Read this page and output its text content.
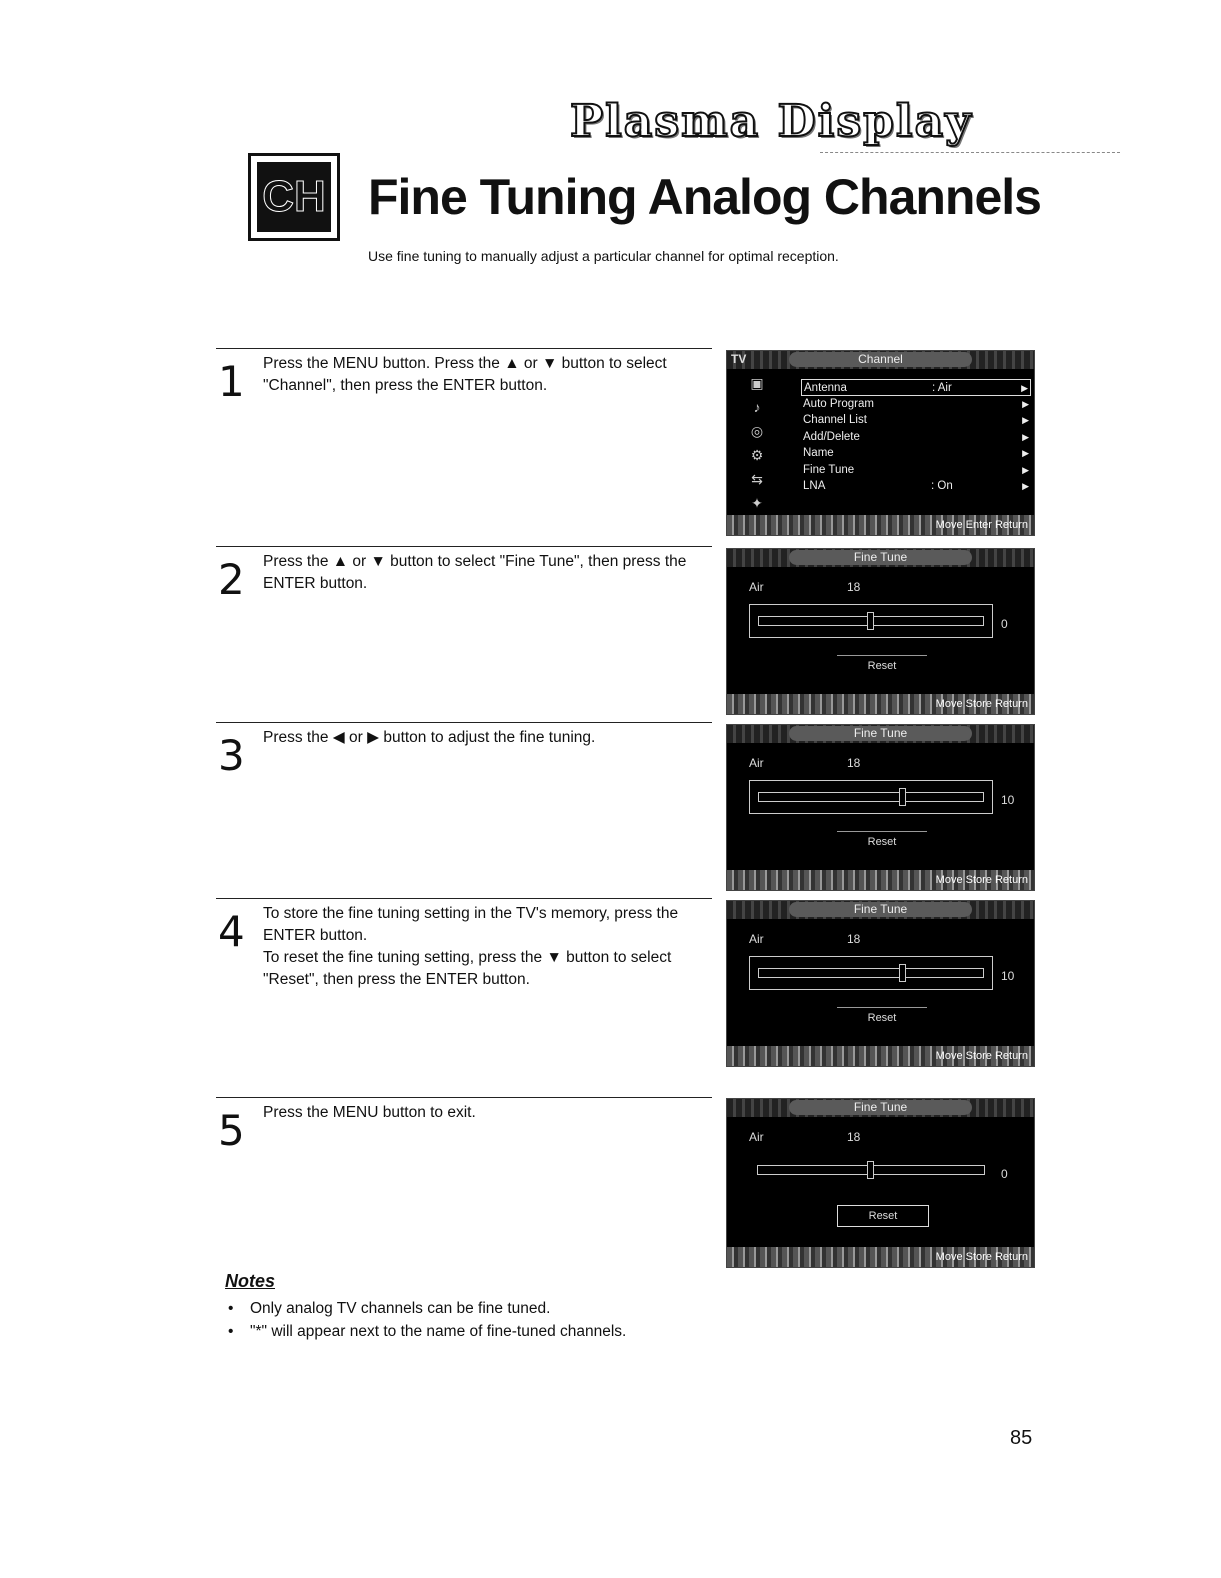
Plasma Display
CH Fine Tuning Analog Channels

Use fine tuning to manually adjust a particular channel for optimal reception.

1 Press the MENU button. Press the ▲ or ▼ button to select "Channel", then press the ENTER button.

2 Press the ▲ or ▼ button to select "Fine Tune", then press the ENTER button.

3 Press the ◀ or ▶ button to adjust the fine tuning.

4 To store the fine tuning setting in the TV's memory, press the ENTER button.

To reset the fine tuning setting, press the ▼ button to select "Reset", then press the ENTER button.

5 Press the MENU button to exit.

TV	Channel
▣
♪
◎
⚙
⇆
✦
Antenna	: Air	▶
Auto Program	▶
Channel List	▶
Add/Delete	▶
Name	▶
Fine Tune	▶
LNA	: On	▶
Move Enter Return
Fine Tune
Air	18
0
Reset
Move Store Return
Fine Tune
Air	18
10
Reset
Move Store Return
Fine Tune
Air	18
10
Reset
Move Store Return
Fine Tune
Air	18
0
Reset
Move Store Return

Notes

• Only analog TV channels can be fine tuned.
• "*" will appear next to the name of fine-tuned channels.
85
